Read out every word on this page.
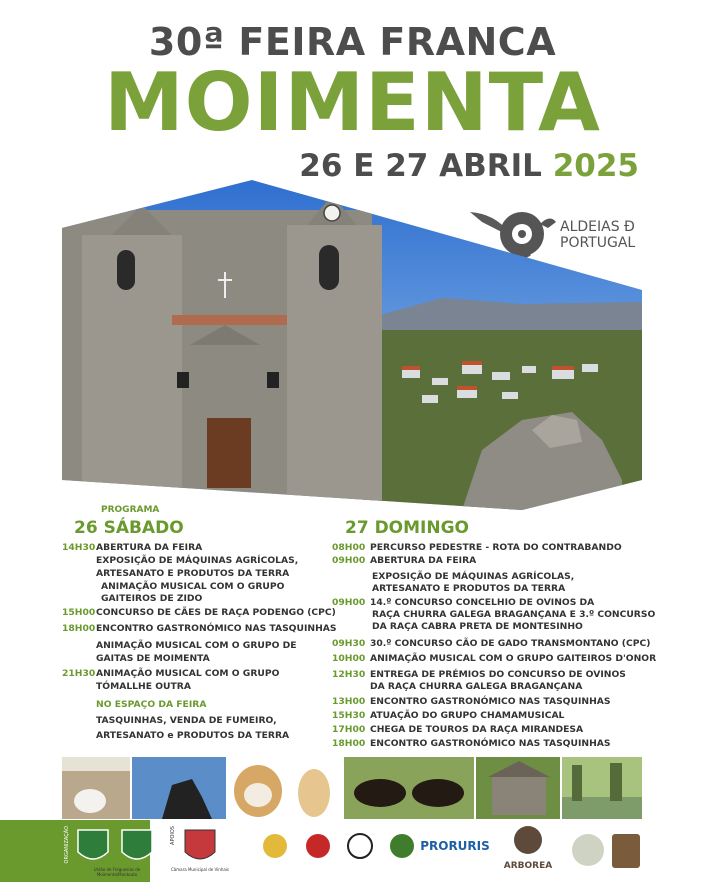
30ª FEIRA FRANCA
MOIMENTA
26 E 27 ABRIL 2025
ALDEIAS Ð
PORTUGAL
PROGRAMA
26 SÁBADO	27 DOMINGO
14H30ABERTURA DA FEIRA
EXPOSIÇÃO DE MÁQUINAS AGRÍCOLAS,
ARTESANATO E PRODUTOS DA TERRA
ANIMAÇÃO MUSICAL COM O GRUPO
GAITEIROS DE ZIDO
15H00CONCURSO DE CÃES DE RAÇA PODENGO (CPC)
18H00ENCONTRO GASTRONÓMICO NAS TASQUINHAS
ANIMAÇÃO MUSICAL COM O GRUPO DE
GAITAS DE MOIMENTA
21H30ANIMAÇÃO MUSICAL COM O GRUPO
TÓMALLHE OUTRA
NO ESPAÇO DA FEIRA
TASQUINHAS, VENDA DE FUMEIRO,
ARTESANATO e PRODUTOS DA TERRA
08H00 PERCURSO PEDESTRE - ROTA DO CONTRABANDO
09H00 ABERTURA DA FEIRA
EXPOSIÇÃO DE MÁQUINAS AGRÍCOLAS,
ARTESANATO E PRODUTOS DA TERRA
09H00 14.º CONCURSO CONCELHIO DE OVINOS DA
RAÇA CHURRA GALEGA BRAGANÇANA E 3.º CONCURSO
DA RAÇA CABRA PRETA DE MONTESINHO
09H30 30.º CONCURSO CÃO DE GADO TRANSMONTANO (CPC)
10H00 ANIMAÇÃO MUSICAL COM O GRUPO GAITEIROS D'ONOR
12H30 ENTREGA DE PRÉMIOS DO CONCURSO DE OVINOS
DA RAÇA CHURRA GALEGA BRAGANÇANA
13H00 ENCONTRO GASTRONÓMICO NAS TASQUINHAS
15H30 ATUAÇÃO DO GRUPO CHAMAMUSICAL
17H00 CHEGA DE TOUROS DA RAÇA MIRANDESA
18H00 ENCONTRO GASTRONÓMICO NAS TASQUINHAS
PRORURIS
ARBOREA
ORGANIZAÇÃO	APOIOS
União de Freguesias de Moimenta/Montouto
Câmara Municipal de Vinhais
